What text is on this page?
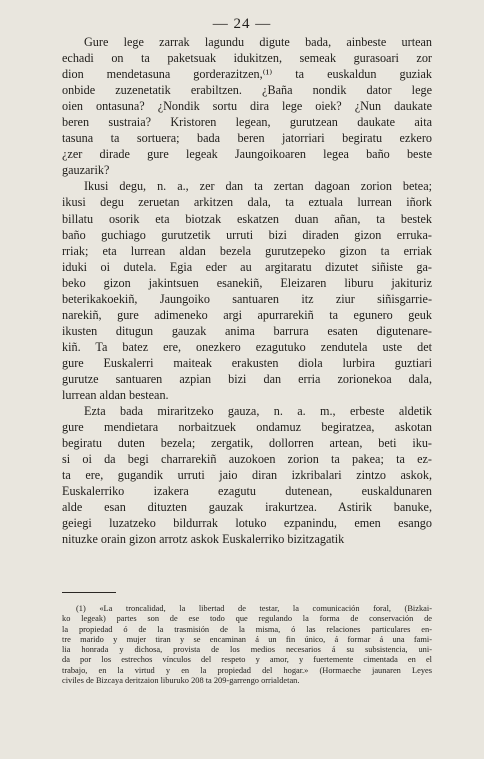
— 24 —
Gure lege zarrak lagundu digute bada, ainbeste urtean
echadi on ta paketsuak idukitzen, semeak gurasoari zor
dion mendetasuna gorderazitzen,⁽¹⁾ ta euskaldun guziak
onbide zuzenetatik erabiltzen. ¿Baña nondik dator lege
oien ontasuna? ¿Nondik sortu dira lege oiek? ¿Nun daukate
beren sustraia? Kristoren legean, gurutzean daukate aita
tasuna ta sortuera; bada beren jatorriari begiratu ezkero
¿zer dirade gure legeak Jaungoikoaren legea baño beste
gauzarik?
Ikusi degu, n. a., zer dan ta zertan dagoan zorion betea;
ikusi degu zeruetan arkitzen dala, ta eztuala lurrean iñork
billatu osorik eta biotzak eskatzen duan añan, ta bestek
baño guchiago gurutzetik urruti bizi diraden gizon erruka-
rriak; eta lurrean aldan bezela gurutzepeko gizon ta erriak
iduki oi dutela. Egia eder au argitaratu dizutet siñiste ga-
beko gizon jakintsuen esanekiñ, Eleizaren liburu jakituriz
beterikakoekiñ, Jaungoiko santuaren itz ziur siñisgarrie-
narekiñ, gure adimeneko argi apurrarekiñ ta egunero geuk
ikusten ditugun gauzak anima barrura esaten digutenare-
kiñ. Ta batez ere, onezkero ezagutuko zendutela uste det
gure Euskalerri maiteak erakusten diola lurbira guztiari
gurutze santuaren azpian bizi dan erria zorionekoa dala,
lurrean aldan bestean.
Ezta bada miraritzeko gauza, n. a. m., erbeste aldetik
gure mendietara norbaitzuek ondamuz begiratzea, askotan
begiratu duten bezela; zergatik, dollorren artean, beti iku-
si oi da begi charrarekiñ auzokoen zorion ta pakea; ta ez-
ta ere, gugandik urruti jaio diran izkribalari zintzo askok,
Euskalerriko izakera ezagutu dutenean, euskaldunaren
alde esan dituzten gauzak irakurtzea. Astirik banuke,
geiegi luzatzeko bildurrak lotuko ezpanindu, emen esango
nituzke orain gizon arrotz askok Euskalerriko bizitzagatik
(1) «La troncalidad, la libertad de testar, la comunicación foral, (Bizkai-
ko legeak) partes son de ese todo que regulando la forma de conservación de
la propiedad ó de la trasmisión de la misma, ó las relaciones particulares en-
tre marido y mujer tiran y se encaminan á un fin único, á formar á una fami-
lia honrada y dichosa, provista de los medios necesarios á su subsistencia, uni-
da por los estrechos vínculos del respeto y amor, y fuertemente cimentada en el
trabajo, en la virtud y en la propiedad del hogar.» (Hormaeche jaunaren Leyes
civiles de Bizcaya deritzaion liburuko 208 ta 209-garrengo orrialdetan.
